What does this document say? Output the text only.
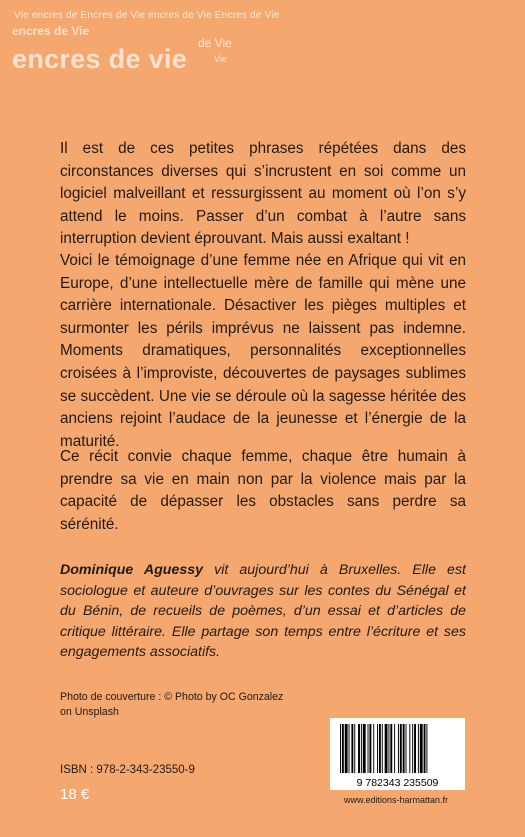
Vie encres de Encres de Vie encres de Vie Encres de Vie
encres de Vie
de Vie
encres de vie	Vie

Il est de ces petites phrases répétées dans des circonstances diverses qui s’incrustent en soi comme un logiciel malveillant et ressurgissent au moment où l’on s’y attend le moins. Passer d’un combat à l’autre sans interruption devient éprouvant. Mais aussi exaltant !

Voici le témoignage d’une femme née en Afrique qui vit en Europe, d’une intellectuelle mère de famille qui mène une carrière internationale. Désactiver les pièges multiples et surmonter les périls imprévus ne laissent pas indemne. Moments dramatiques, personnalités exceptionnelles croisées à l’improviste, découvertes de paysages sublimes se succèdent. Une vie se déroule où la sagesse héritée des anciens rejoint l’audace de la jeunesse et l’énergie de la maturité.

Ce récit convie chaque femme, chaque être humain à prendre sa vie en main non par la violence mais par la capacité de dépasser les obstacles sans perdre sa sérénité.

Dominique Aguessy vit aujourd’hui à Bruxelles. Elle est sociologue et auteure d’ouvrages sur les contes du Sénégal et du Bénin, de recueils de poèmes, d’un essai et d’articles de critique littéraire. Elle partage son temps entre l’écriture et ses engagements associatifs.

Photo de couverture : © Photo by OC Gonzalez
on Unsplash
ISBN : 978-2-343-23550-9
18 €
9 782343 235509
www.editions-harmattan.fr
